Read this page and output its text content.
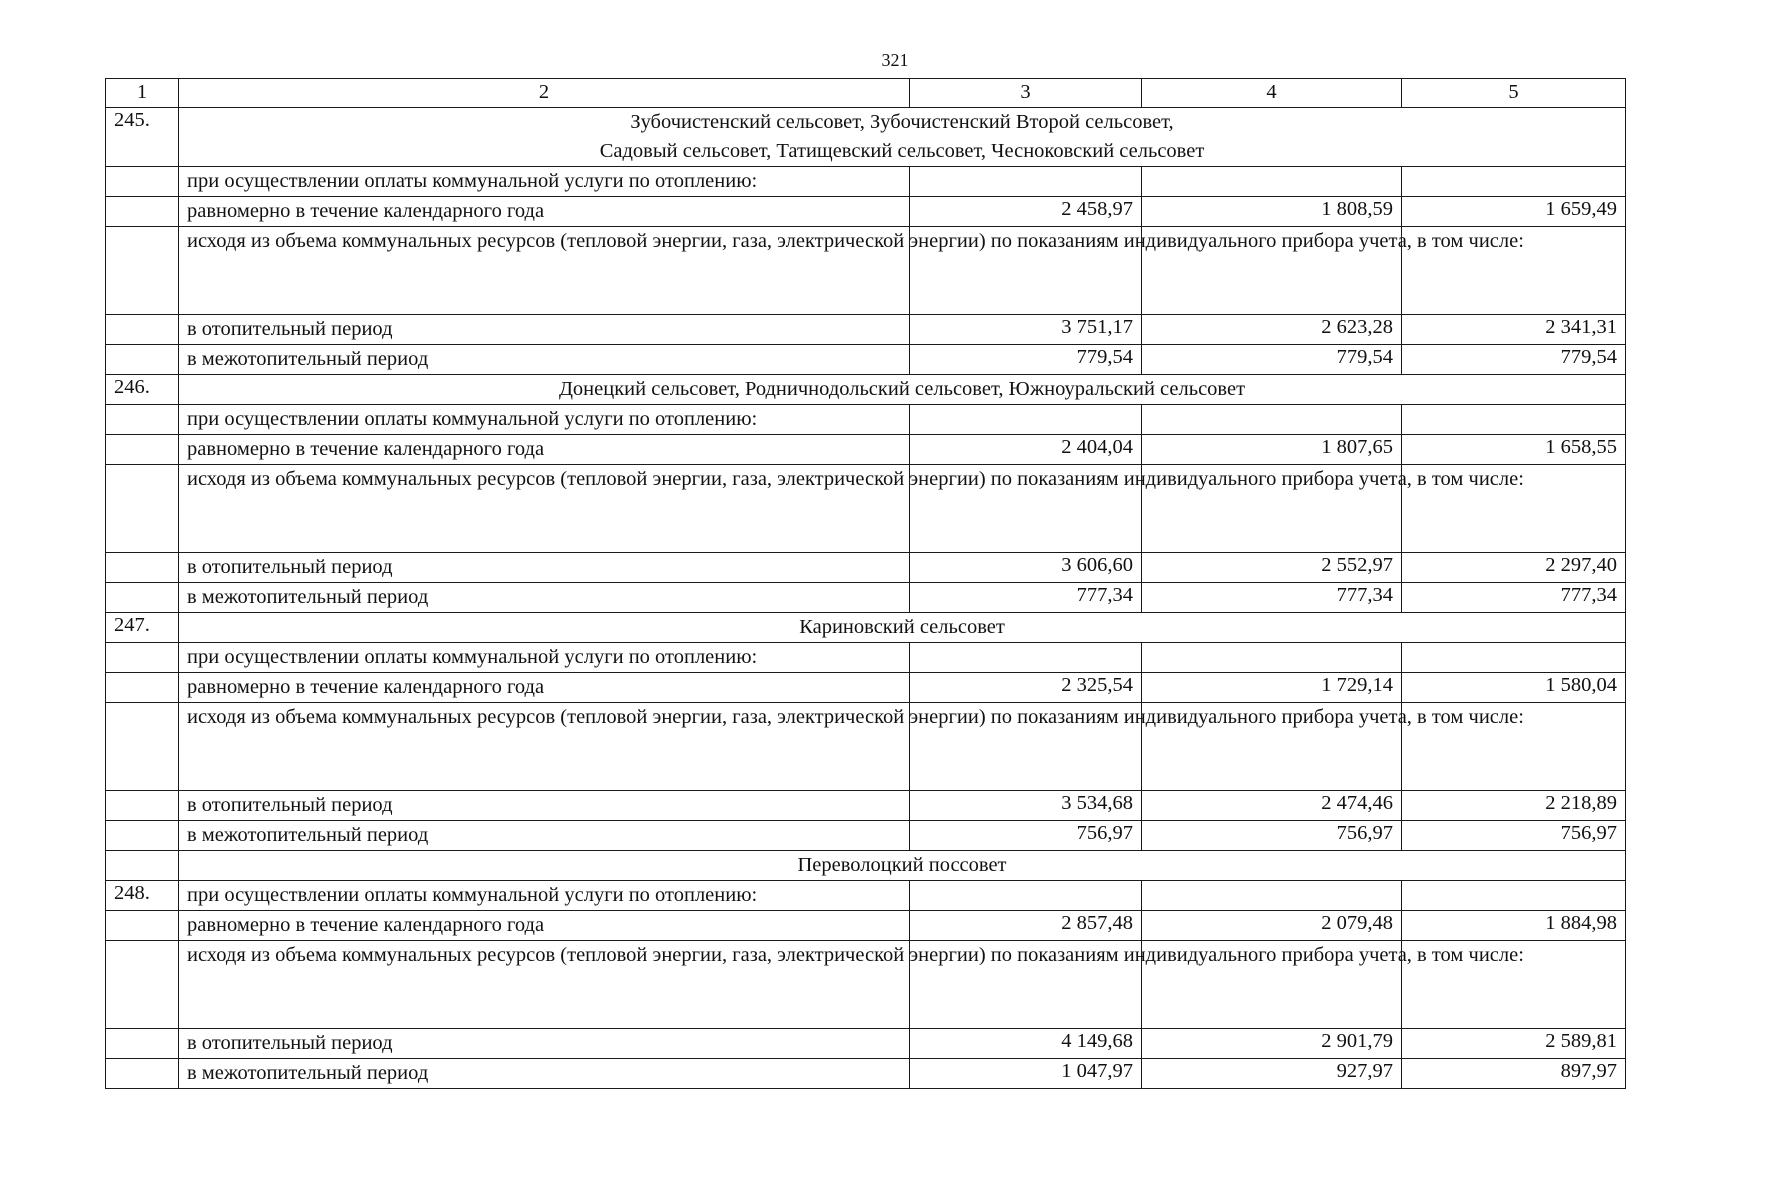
321
1	2	3	4	5
245.	Зубочистенский сельсовет, Зубочистенский Второй сельсовет,
Садовый сельсовет, Татищевский сельсовет, Чесноковский сельсовет			

	при осуществлении оплаты коммунальной услуги по отоплению:			
	равномерно в течение календарного года	2 458,97	1 808,59	1 659,49
	исходя из объема коммунальных ресурсов (тепловой энергии, газа, электрической энергии) по показаниям индивидуального прибора учета, в том числе:			
	в отопительный период	3 751,17	2 623,28	2 341,31
	в межотопительный период	779,54	779,54	779,54
246.	Донецкий сельсовет, Родничнодольский сельсовет, Южноуральский сельсовет			

	при осуществлении оплаты коммунальной услуги по отоплению:			
	равномерно в течение календарного года	2 404,04	1 807,65	1 658,55
	исходя из объема коммунальных ресурсов (тепловой энергии, газа, электрической энергии) по показаниям индивидуального прибора учета, в том числе:			
	в отопительный период	3 606,60	2 552,97	2 297,40
	в межотопительный период	777,34	777,34	777,34
247.	Кариновский сельсовет			

	при осуществлении оплаты коммунальной услуги по отоплению:			
	равномерно в течение календарного года	2 325,54	1 729,14	1 580,04
	исходя из объема коммунальных ресурсов (тепловой энергии, газа, электрической энергии) по показаниям индивидуального прибора учета, в том числе:			
	в отопительный период	3 534,68	2 474,46	2 218,89
	в межотопительный период	756,97	756,97	756,97

	Переволоцкий поссовет			

248.	при осуществлении оплаты коммунальной услуги по отоплению:			
	равномерно в течение календарного года	2 857,48	2 079,48	1 884,98
	исходя из объема коммунальных ресурсов (тепловой энергии, газа, электрической энергии) по показаниям индивидуального прибора учета, в том числе:			
	в отопительный период	4 149,68	2 901,79	2 589,81
	в межотопительный период	1 047,97	927,97	897,97
